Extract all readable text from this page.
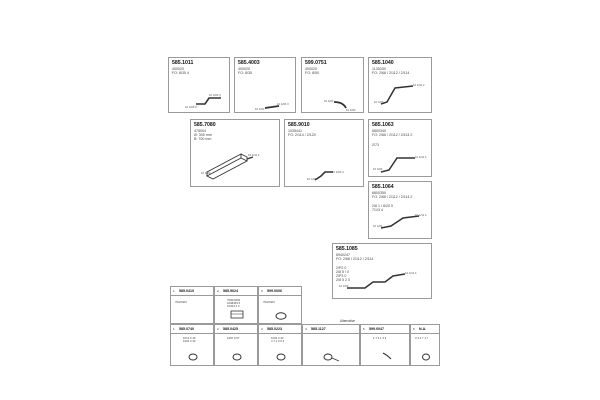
585.1011
400020
FO: 8/35 4
10 4/00 3
10 4/00 2
585.4003
400020
FO: 8/35
10 4/00 3
10 4/00
599.0751
400020
FO: 8/50
10 4/00
10 4/00
585.1040
1135330
FO: 2/66 / 2/112 / 2/114
10 4/00
10 4/11 2
585.7080
475004
Ø: 305 mm
B: 700 mm
10 4/11 2
10 4/00
585.9010
1035441
FO: 2/114 / 2/120
10 4/00 4
10 4/00
585.1063
6800340
FO: 2/66 / 2/112 / 2/114 2
2/73
10 4/00
10 4/11 4
585.1064
6800350
FO: 2/66 / 2/112 / 2/114 2
2/8 1 / 8/20 0
7/1/3 4
10 4/00
10 4/11 4
585.1085
6940247
FO: 2/66 / 2/112 / 2/114
2/P2 0
2/8 5 / 0
2/P3 0
2/8 5 2 0
10 4/00
10 4/11 4
1 585.0410
700/0463
2 585.9024
7000/0463
1008463 5
10024 4 3
3 599.0006
700/0463
Alternative
1 585.0740
1012 3 46
1004 4 33
2 585.0425
1087 0 67
3 585.0223
1004 4 33
4 7 1 0 0 3
4 585.1127	5 599.0047
1 7 3 1 3 3
6 N.A.
3 3 4 7 1 7
